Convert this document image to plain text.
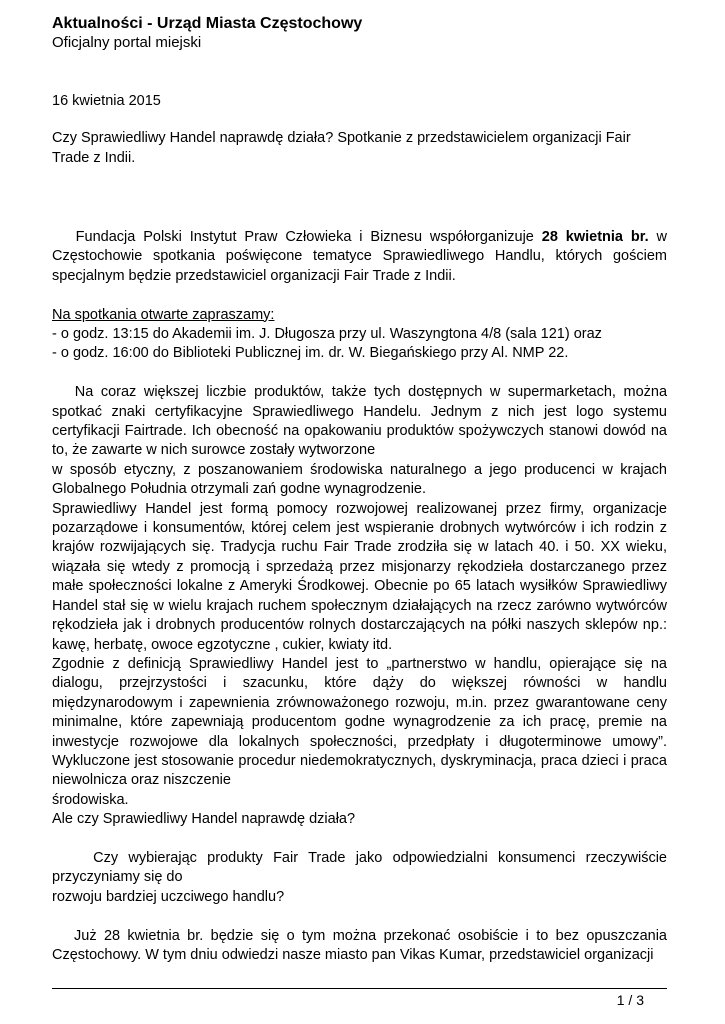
Aktualności - Urząd Miasta Częstochowy
Oficjalny portal miejski
16 kwietnia 2015
Czy Sprawiedliwy Handel naprawdę działa? Spotkanie z przedstawicielem organizacji Fair Trade z Indii.

Fundacja Polski Instytut Praw Człowieka i Biznesu współorganizuje 28 kwietnia br. w Częstochowie spotkania poświęcone tematyce Sprawiedliwego Handlu, których gościem specjalnym będzie przedstawiciel organizacji Fair Trade z Indii.

Na spotkania otwarte zapraszamy:

- o godz. 13:15 do Akademii im. J. Długosza przy ul. Waszyngtona 4/8 (sala 121) oraz

- o godz. 16:00 do Biblioteki Publicznej im. dr. W. Biegańskiego przy Al. NMP 22.

Na coraz większej liczbie produktów, także tych dostępnych w supermarketach, można spotkać znaki certyfikacyjne Sprawiedliwego Handelu. Jednym z nich jest logo systemu certyfikacji Fairtrade. Ich obecność na opakowaniu produktów spożywczych stanowi dowód na to, że zawarte w nich surowce zostały wytworzone

w sposób etyczny, z poszanowaniem środowiska naturalnego a jego producenci w krajach Globalnego Południa otrzymali zań godne wynagrodzenie.

Sprawiedliwy Handel jest formą pomocy rozwojowej realizowanej przez firmy, organizacje pozarządowe i konsumentów, której celem jest wspieranie drobnych wytwórców i ich rodzin z krajów rozwijających się. Tradycja ruchu Fair Trade zrodziła się w latach 40. i 50. XX wieku, wiązała się wtedy z promocją i sprzedażą przez misjonarzy rękodzieła dostarczanego przez małe społeczności lokalne z Ameryki Środkowej. Obecnie po 65 latach wysiłków Sprawiedliwy Handel stał się w wielu krajach ruchem społecznym działających na rzecz zarówno wytwórców rękodzieła jak i drobnych producentów rolnych dostarczających na półki naszych sklepów np.: kawę, herbatę, owoce egzotyczne , cukier, kwiaty itd.

Zgodnie z definicją Sprawiedliwy Handel jest to „partnerstwo w handlu, opierające się na dialogu, przejrzystości i szacunku, które dąży do większej równości w handlu międzynarodowym i zapewnienia zrównoważonego rozwoju, m.in. przez gwarantowane ceny minimalne, które zapewniają producentom godne wynagrodzenie za ich pracę, premie na inwestycje rozwojowe dla lokalnych społeczności, przedpłaty i długoterminowe umowy”. Wykluczone jest stosowanie procedur niedemokratycznych, dyskryminacja, praca dzieci i praca niewolnicza oraz niszczenie

środowiska.

Ale czy Sprawiedliwy Handel naprawdę działa?

Czy wybierając produkty Fair Trade jako odpowiedzialni konsumenci rzeczywiście przyczyniamy się do

rozwoju bardziej uczciwego handlu?

Już 28 kwietnia br. będzie się o tym można przekonać osobiście i to bez opuszczania Częstochowy. W tym dniu odwiedzi nasze miasto pan Vikas Kumar, przedstawiciel organizacji

1 / 3
